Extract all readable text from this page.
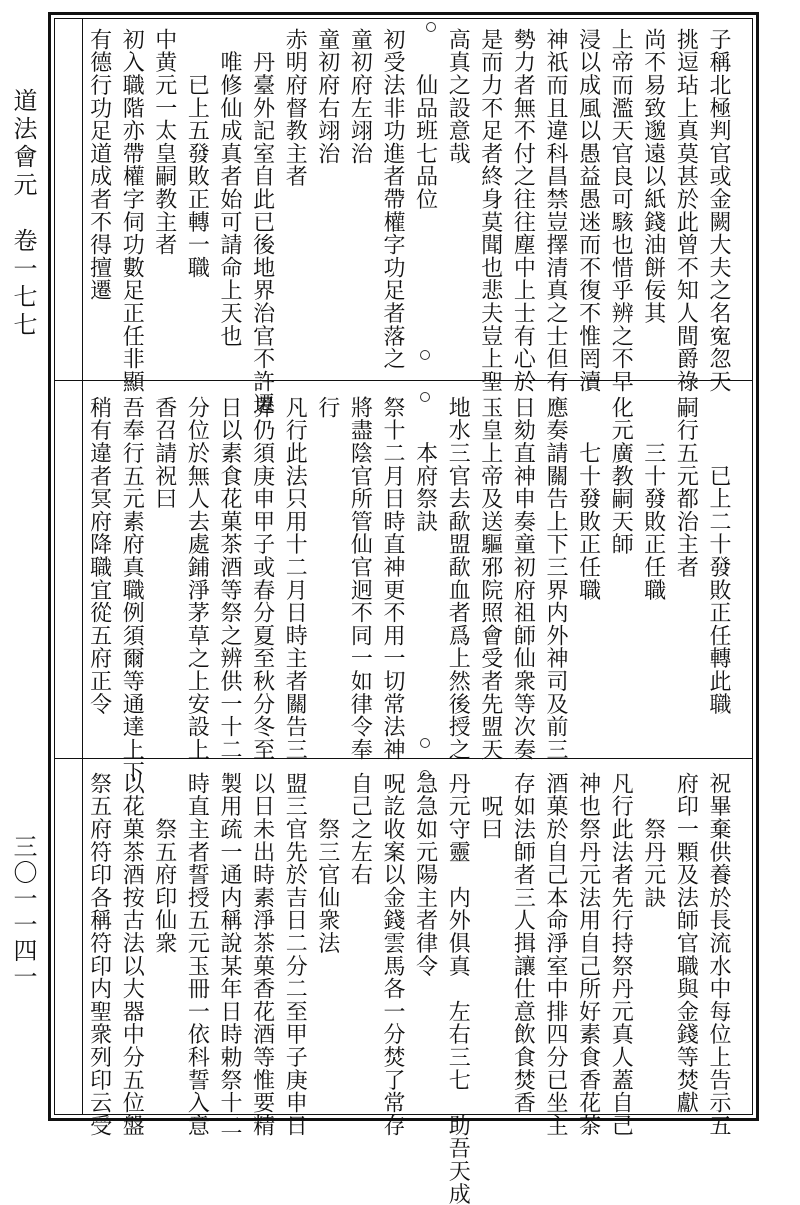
道法會元　卷一七七
三〇一一四一
子稱北極判官或金闕大夫之名寃忽天
挑逗玷上真莫甚於此曾不知人間爵祿
尚不易致邈遠以紙錢油餅佞其
上帝而濫天官良可駭也惜乎辨之不早
浸以成風以愚益愚迷而不復不惟罔瀆
神祇而且違科昌禁豈擇清真之士但有
勢力者無不付之往往塵中上士有心於
是而力不足者終身莫聞也悲夫豈上聖
高真之設意哉
　　仙品班七品位
初受法非功進者帶權字功足者落之
童初府左翊治
童初府右翊治
赤明府督教主者
　丹臺外記室自此已後地界治官不許遷
　唯修仙成真者始可請命上天也
　　已上五發敗正轉一職
中黄元一太皇嗣教主者
初入職階亦帶權字伺功數足正任非顯
有德行功足道成者不得擅遷
　　　已上二十發敗正任轉此職
嗣行五元都治主者
　　三十發敗正任職
化元廣教嗣天師
　　七十發敗正任職
應奏請關告上下三界内外神司及前三
日劾直神申奏童初府祖師仙衆等次奏
玉皇上帝及送驅邪院照會受者先盟天
地水三官去歃盟歃血者爲上然後授之
　　本府祭訣
祭十二月日時直神更不用一切常法神
將盡陰官所管仙官迥不同一如律令奉
行
凡行此法只用十二月日時主者關告三
界仍須庚申甲子或春分夏至秋分冬至
日以素食花菓茶酒等祭之辨供一十二
分位於無人去處鋪淨茅草之上安設上
香召請祝曰
吾奉行五元素府真職例須爾等通達上下
稍有違者冥府降職宜從五府正令
祝畢棄供養於長流水中每位上告示五
府印一顆及法師官職與金錢等焚獻
　　祭丹元訣
凡行此法者先行持祭丹元真人蓋自己
神也祭丹元法用自己所好素食香花茶
酒菓於自己本命淨室中排四分已坐主
存如法師者三人揖讓仕意飲食焚香
　呪曰
丹元守靈　内外俱真　左右三七　助吾天成
急急如元陽主者律令
呪訖收案以金錢雲馬各一分焚了常存
自己之左右
　　祭三官仙衆法
盟三官先於吉日二分二至甲子庚申日
以日未出時素淨茶菓香花酒等惟要精
製用疏一通内稱說某年日時勅祭十二
時直主者誓授五元玉冊一依科誓入意
　　祭五府印仙衆
以花菓茶酒按古法以大器中分五位盤
祭五府符印各稱符印内聖衆列印云受
